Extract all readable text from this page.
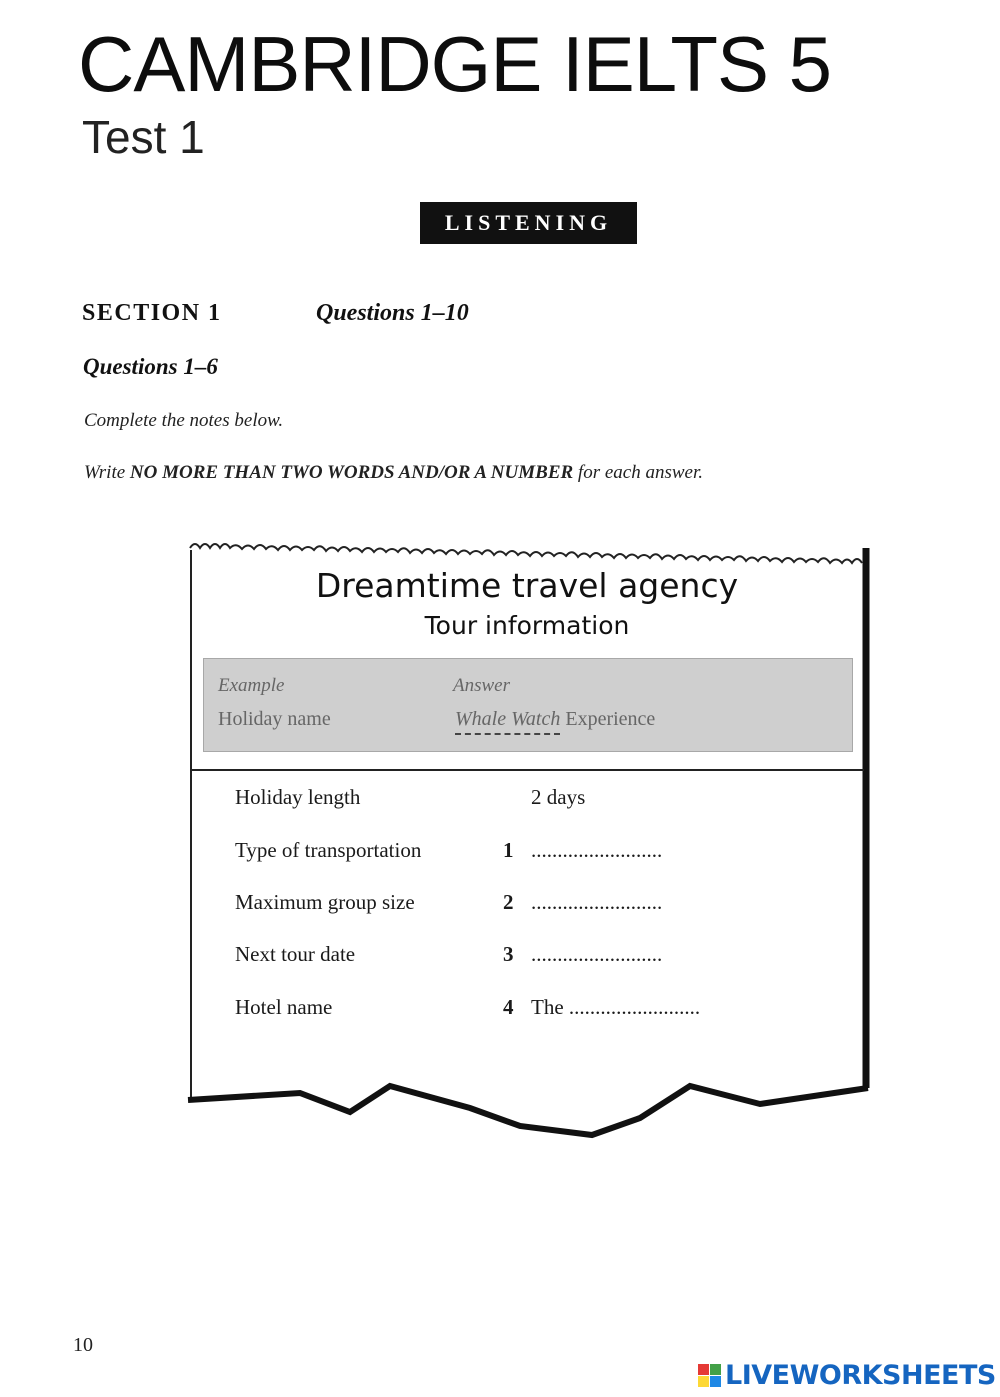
CAMBRIDGE IELTS 5
Test 1
LISTENING
SECTION 1	Questions 1–10
Questions 1–6
Complete the notes below.
Write NO MORE THAN TWO WORDS AND/OR A NUMBER for each answer.
Dreamtime travel agency
Tour information
Example	Answer
Holiday name	Whale Watch Experience
Holiday length	2 days
Type of transportation	1 .........................
Maximum group size	2 .........................
Next tour date	3 .........................
Hotel name	4 The .........................
10
LIVEWORKSHEETS
